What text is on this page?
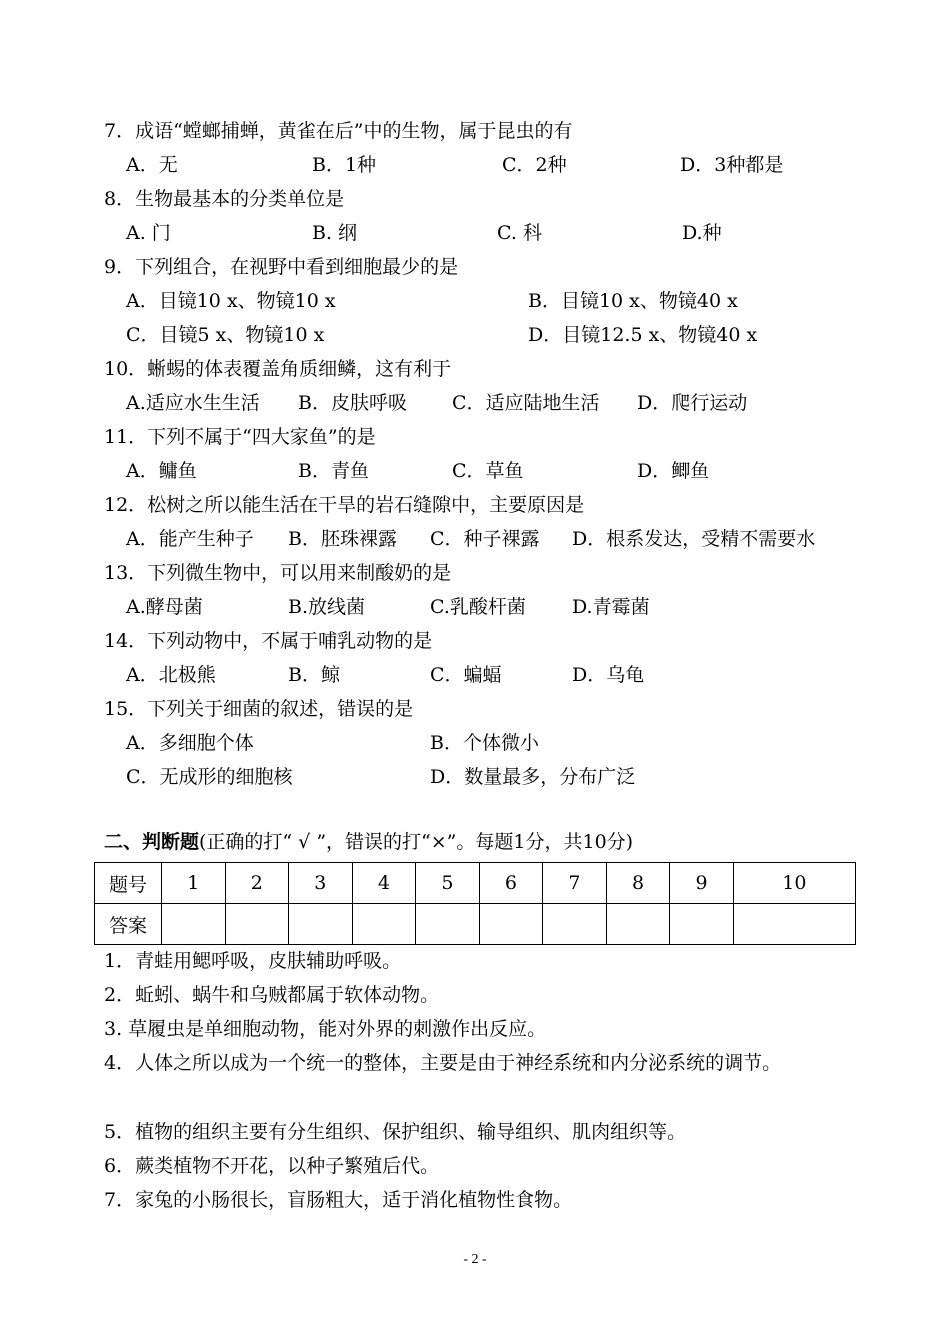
7．成语“螳螂捕蝉，黄雀在后”中的生物，属于昆虫的有
A．无	B．1种	C．2种	D．3种都是
8．生物最基本的分类单位是
A. 门	B. 纲	C. 科	D.种
9．下列组合，在视野中看到细胞最少的是
A．目镜10 x、物镜10 x	B．目镜10 x、物镜40 x
C．目镜5 x、物镜10 x	D．目镜12.5 x、物镜40 x
10．蜥蜴的体表覆盖角质细鳞，这有利于
A.适应水生生活 B．皮肤呼吸 C．适应陆地生活 D．爬行运动
11．下列不属于“四大家鱼”的是
A．鳙鱼	B．青鱼	C．草鱼	D．鲫鱼
12．松树之所以能生活在干旱的岩石缝隙中，主要原因是
A．能产生种子 B．胚珠裸露 C．种子裸露 D．根系发达，受精不需要水
13．下列微生物中，可以用来制酸奶的是
A.酵母菌	B.放线菌	C.乳酸杆菌 D.青霉菌
14．下列动物中，不属于哺乳动物的是
A．北极熊	B．鲸	C．蝙蝠	D．乌龟
15．下列关于细菌的叙述，错误的是
A．多细胞个体	B．个体微小
C．无成形的细胞核	D．数量最多，分布广泛
二、判断题(正确的打“ √ ”，错误的打“×”。每题1分，共10分)
题号	1	2	3	4	5	6	7	8	9	10
答案										
1．青蛙用鳃呼吸，皮肤辅助呼吸。
2．蚯蚓、蜗牛和乌贼都属于软体动物。
3. 草履虫是单细胞动物，能对外界的刺激作出反应。
4．人体之所以成为一个统一的整体，主要是由于神经系统和内分泌系统的调节。
5．植物的组织主要有分生组织、保护组织、输导组织、肌肉组织等。
6．蕨类植物不开花，以种子繁殖后代。
7．家兔的小肠很长，盲肠粗大，适于消化植物性食物。
- 2 -
